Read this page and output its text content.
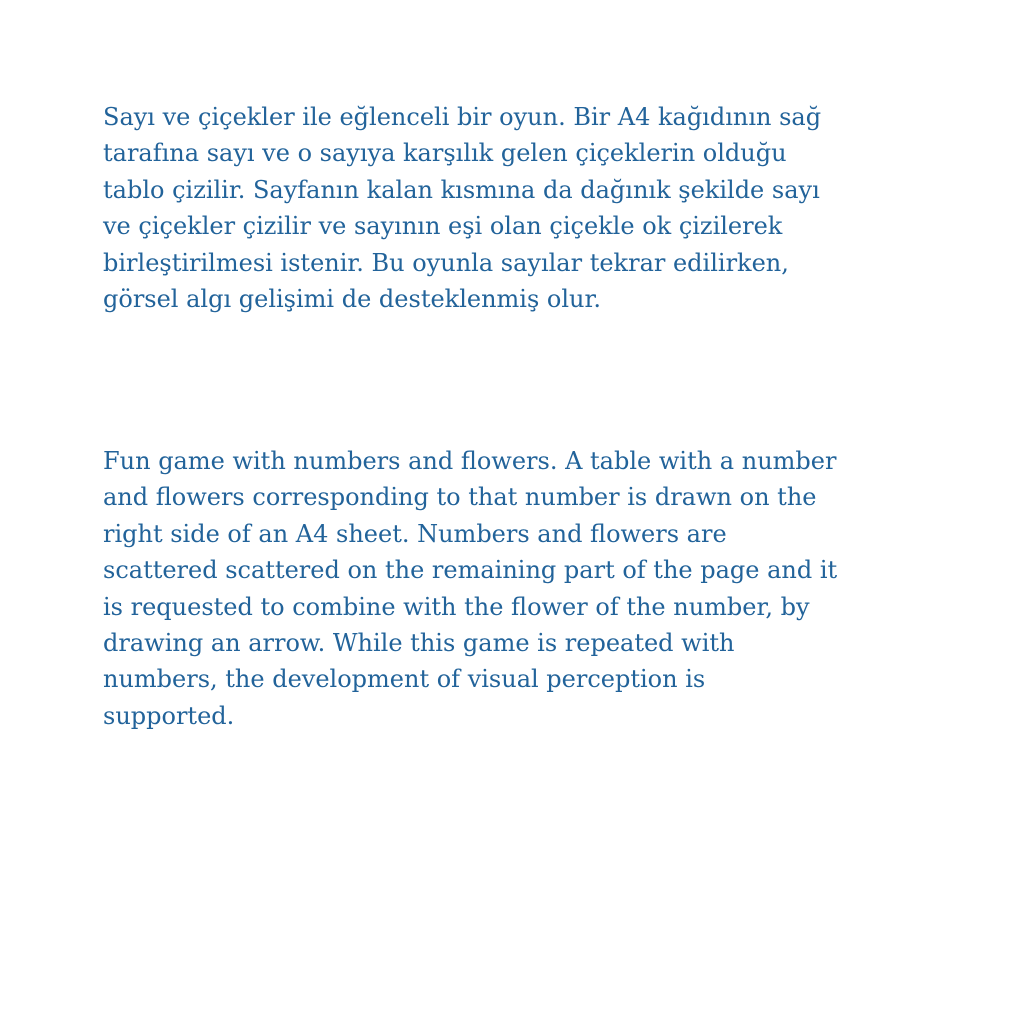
Sayı ve çiçekler ile eğlenceli bir oyun. Bir A4 kağıdının sağ
tarafına sayı ve o sayıya karşılık gelen çiçeklerin olduğu
tablo çizilir. Sayfanın kalan kısmına da dağınık şekilde sayı
ve çiçekler çizilir ve sayının eşi olan çiçekle ok çizilerek
birleştirilmesi istenir. Bu oyunla sayılar tekrar edilirken,
görsel algı gelişimi de desteklenmiş olur.

Fun game with numbers and flowers. A table with a number
and flowers corresponding to that number is drawn on the
right side of an A4 sheet. Numbers and flowers are
scattered scattered on the remaining part of the page and it
is requested to combine with the flower of the number, by
drawing an arrow. While this game is repeated with
numbers, the development of visual perception is
supported.
